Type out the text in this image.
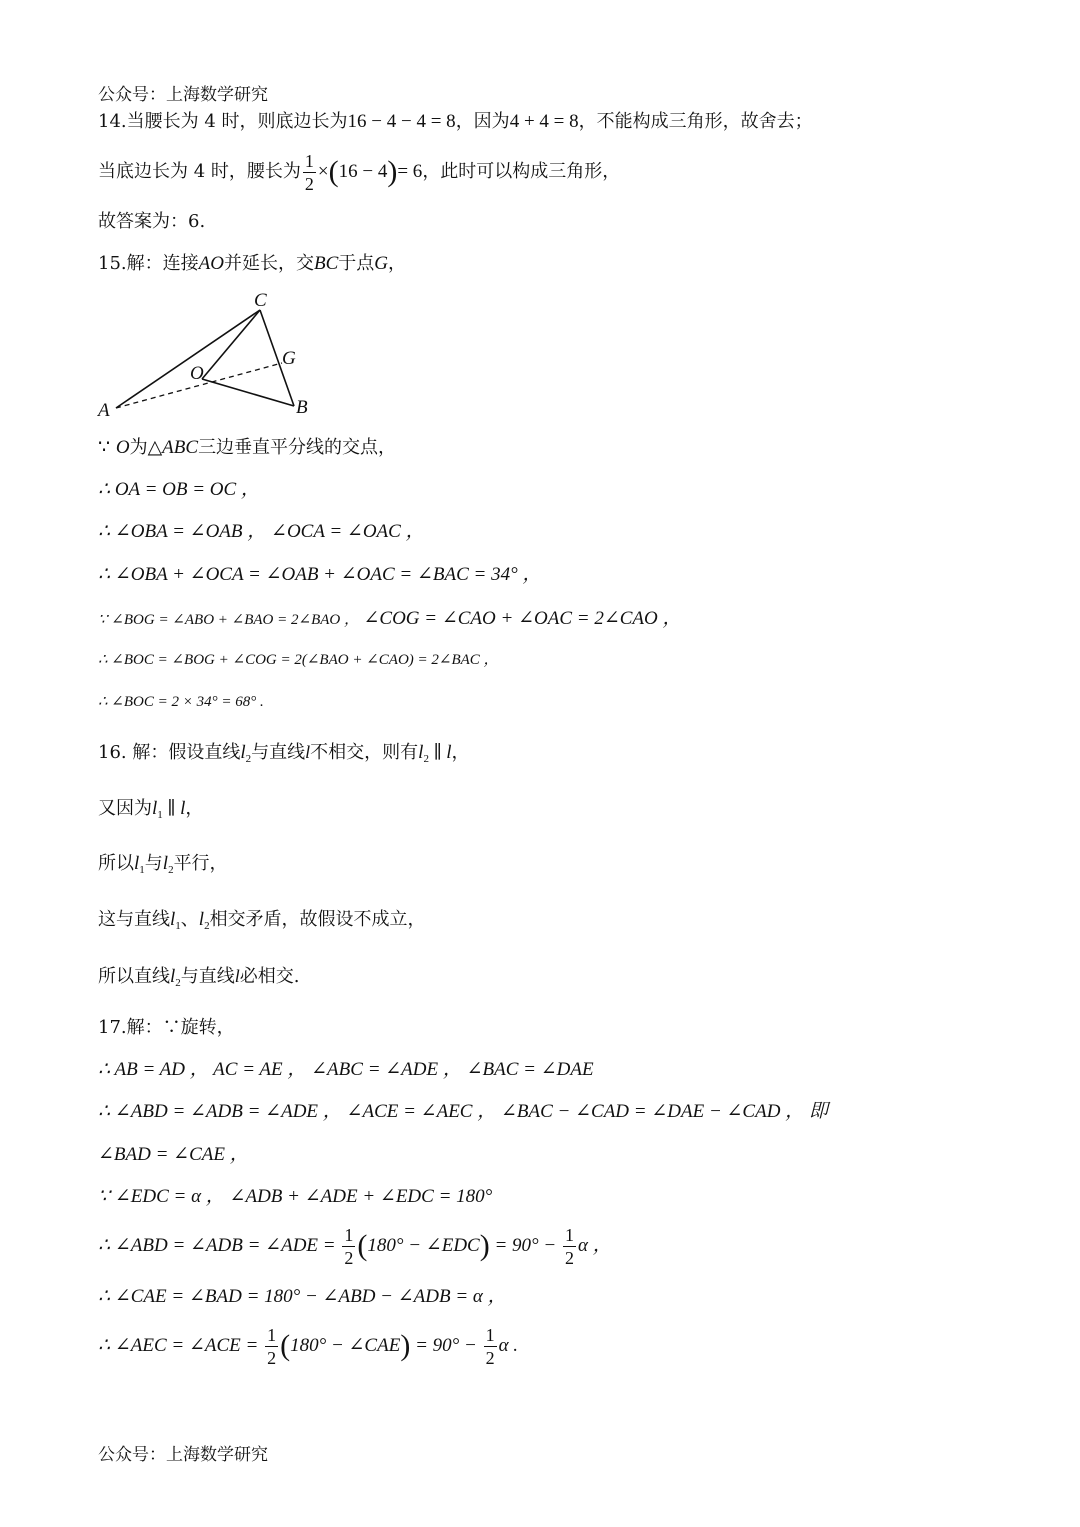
公众号：上海数学研究
14.当腰长为 4 时，则底边长为16 − 4 − 4 = 8，因为4 + 4 = 8，不能构成三角形，故舍去；
当底边长为 4 时，腰长为 $\frac{1}{2} \times(16 - 4)= 6$，此时可以构成三角形，
故答案为：6.
15.解：连接AO并延长，交BC于点G，
A	B
C
O
G
∵ O为△ABC三边垂直平分线的交点，
∴ OA = OB = OC ，
∴ ∠OBA = ∠OAB ， ∠OCA = ∠OAC ，
∴ ∠OBA + ∠OCA = ∠OAB + ∠OAC = ∠BAC = 34° ，
∵ ∠BOG = ∠ABO + ∠BAO = 2∠BAO ， ∠COG = ∠CAO + ∠OAC = 2∠CAO ，
∴ ∠BOC = ∠BOG + ∠COG = 2(∠BAO + ∠CAO) = 2∠BAC ，
∴ ∠BOC = 2 × 34° = 68° .
16. 解：假设直线$l_2$与直线l不相交，则有$l_2$ ∥ l，
又因为$l_1$ ∥ l，
所以$l_1$与$l_2$平行，
这与直线$l_1$、$l_2$相交矛盾，故假设不成立，
所以直线$l_2$与直线l必相交.
17.解：∵旋转，
∴ AB = AD ， AC = AE ， ∠ABC = ∠ADE ， ∠BAC = ∠DAE
∴ ∠ABD = ∠ADB = ∠ADE ， ∠ACE = ∠AEC ， ∠BAC − ∠CAD = ∠DAE − ∠CAD ， 即
∠BAD = ∠CAE ，
∵ ∠EDC = α ， ∠ADB + ∠ADE + ∠EDC = 180°
∴ ∠ABD = ∠ADB = ∠ADE = $\frac{1}{2} (180^\circ$ − ∠EDC) = $90^\circ - \frac{1}{2}$ α ，
∴ ∠CAE = ∠BAD = 180° − ∠ABD − ∠ADB = α ，
∴ ∠AEC = ∠ACE = $\frac{1}{2} (180^\circ$ − ∠CAE) = $90^\circ - \frac{1}{2}$ α .
公众号：上海数学研究
